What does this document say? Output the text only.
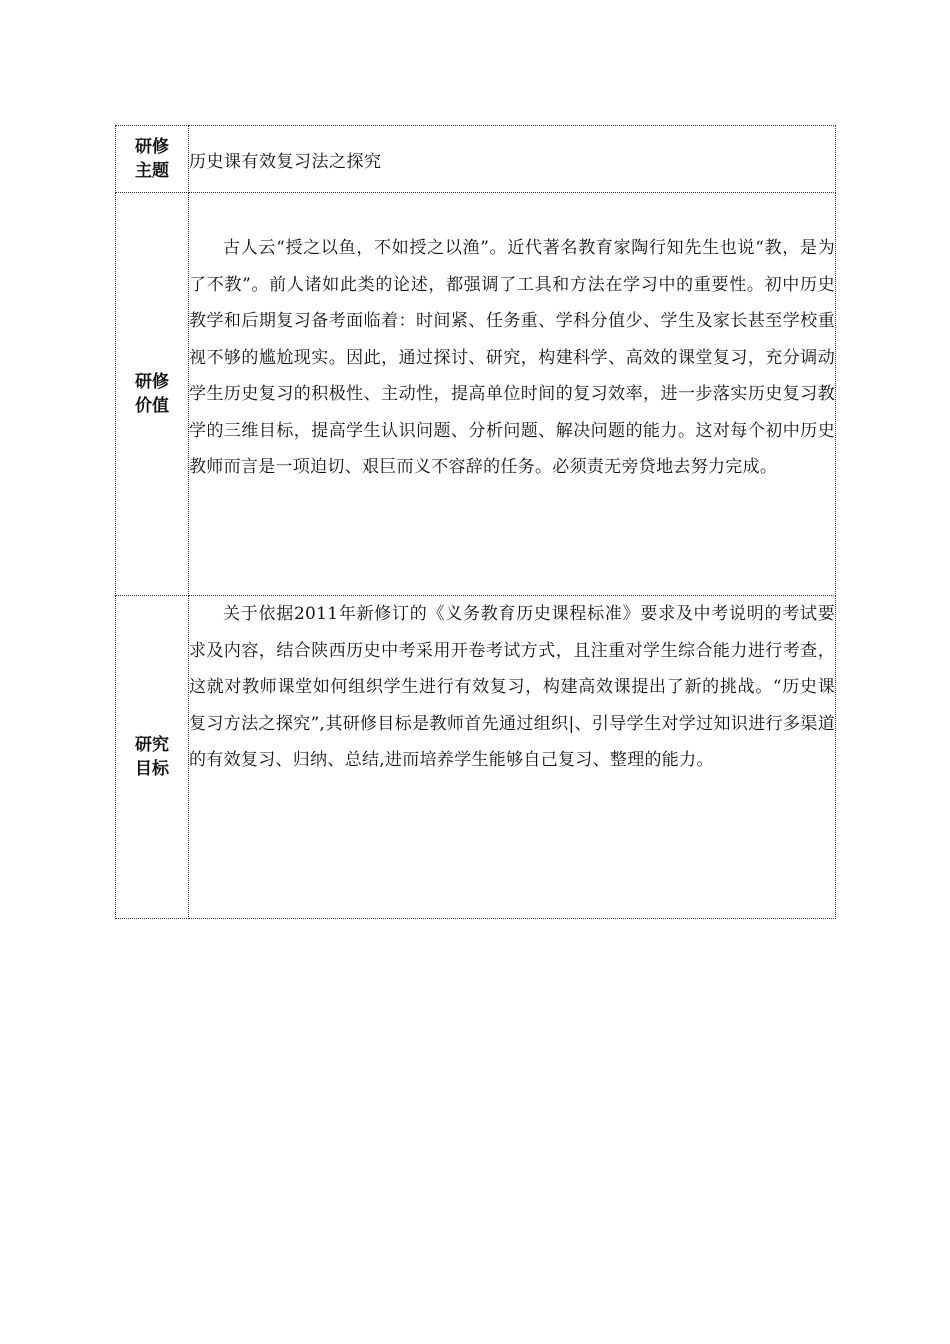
研修
主题	历史课有效复习法之探究

研修
价值	古人云“授之以鱼，不如授之以渔”。近代著名教育家陶行知先生也说“教，是为了不教”。前人诸如此类的论述，都强调了工具和方法在学习中的重要性。初中历史教学和后期复习备考面临着：时间紧、任务重、学科分值少、学生及家长甚至学校重视不够的尴尬现实。因此，通过探讨、研究，构建科学、高效的课堂复习，充分调动学生历史复习的积极性、主动性，提高单位时间的复习效率，进一步落实历史复习教学的三维目标，提高学生认识问题、分析问题、解决问题的能力。这对每个初中历史教师而言是一项迫切、艰巨而义不容辞的任务。必须责无旁贷地去努力完成。

研究
目标	关于依据2011年新修订的《义务教育历史课程标准》要求及中考说明的考试要求及内容，结合陕西历史中考采用开卷考试方式，且注重对学生综合能力进行考查，这就对教师课堂如何组织学生进行有效复习，构建高效课提出了新的挑战。“历史课复习方法之探究”,其研修目标是教师首先通过组织|、引导学生对学过知识进行多渠道的有效复习、归纳、总结,进而培养学生能够自己复习、整理的能力。
